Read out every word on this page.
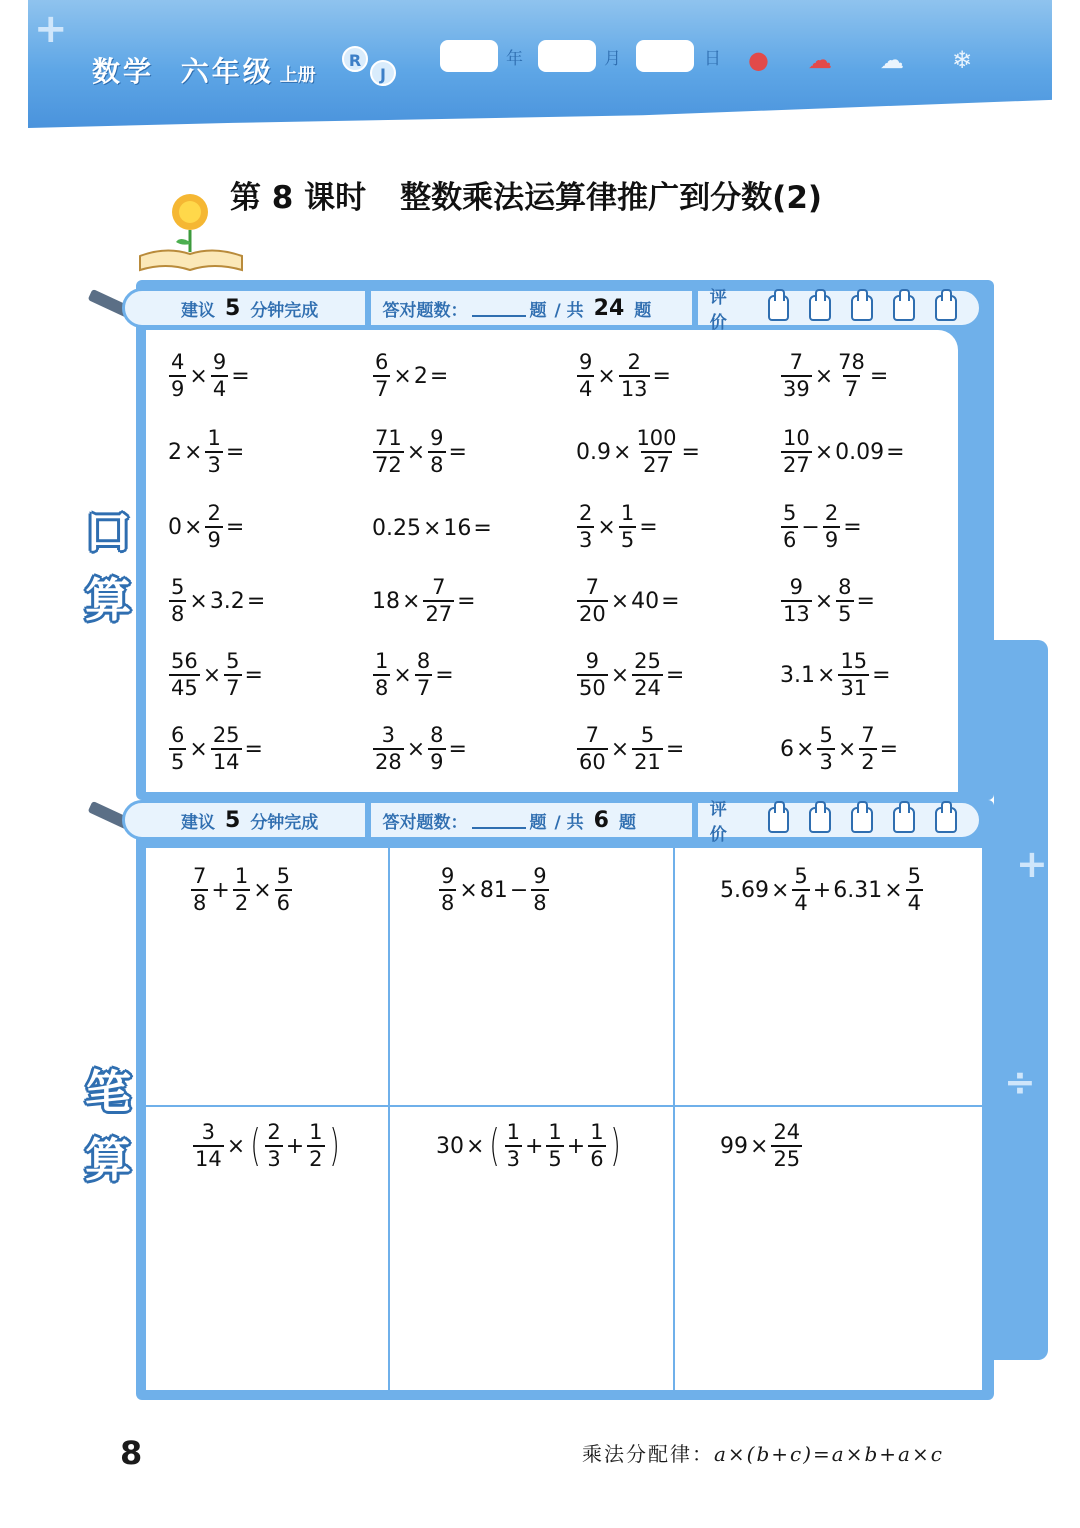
+
数学 六年级 上册
R
J
年	月	日 ● ☁ ☁ ❄
第 8 课时 整数乘法运算律推广到分数(2)
建议 5 分钟完成	答对题数：	题 / 共 24 题
评价
口
算
$\frac{4}{9} \times \frac{9}{4}$ =	$\frac{6}{7} \times 2$ =	$\frac{9}{4} \times \frac{2}{13}$ =	$\frac{7}{39} \times \frac{78}{7}$ =
$2 \times \frac{1}{3}$ =	$\frac{71}{72} \times \frac{9}{8}$ =	$0.9 \times \frac{100}{27}$ =	$\frac{10}{27} \times 0.09$ =
$0 \times \frac{2}{9}$ =	0.25 × 16 =	$\frac{2}{3} \times \frac{1}{5}$ =	$\frac{5}{6} - \frac{2}{9}$ =
$\frac{5}{8} \times 3.2$ =	$18 \times \frac{7}{27}$ =	$\frac{7}{20} \times 40$ =	$\frac{9}{13} \times \frac{8}{5}$ =
$\frac{56}{45} \times \frac{5}{7}$ =	$\frac{1}{8} \times \frac{8}{7}$ =	$\frac{9}{50} \times \frac{25}{24}$ =	$3.1 \times \frac{15}{31}$ =
$\frac{6}{5} \times \frac{25}{14}$ =	$\frac{3}{28} \times \frac{8}{9}$ =	$\frac{7}{60} \times \frac{5}{21}$ =	$6 \times \frac{5}{3} \times \frac{7}{2}$ =
建议 5 分钟完成	答对题数：	题 / 共 6 题
评价
笔
算
+
÷
$\frac{7}{8} + \frac{1}{2} \times \frac{5}{6}$	$\frac{9}{8} \times 81 - \frac{9}{8}$	$5.69 \times \frac{5}{4} + 6.31 \times \frac{5}{4}$
$\frac{3}{14}$ × ( $\frac{2}{3} + \frac{1}{2}$ )	30 × ( $\frac{1}{3} + \frac{1}{5} + \frac{1}{6}$ )	$99 \times \frac{24}{25}$
8	乘法分配律：a×(b+c)=a×b+a×c
